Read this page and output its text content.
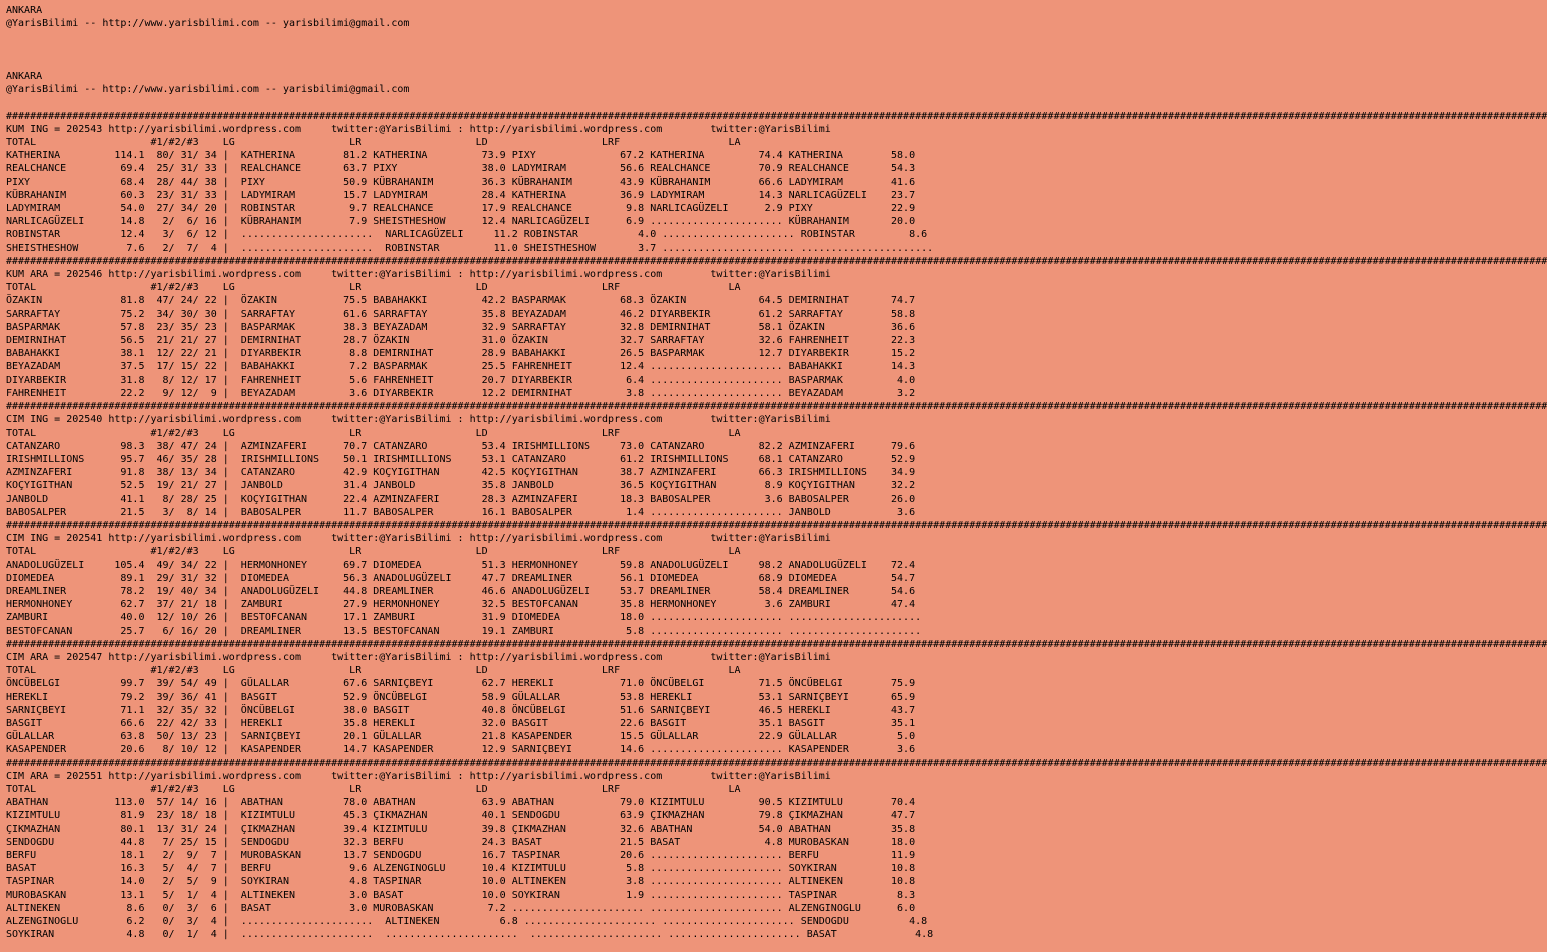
ANKARA
@YarisBilimi -- http://www.yarisbilimi.com -- yarisbilimi@gmail.com

ANKARA
@YarisBilimi -- http://www.yarisbilimi.com -- yarisbilimi@gmail.com

################################################################################################################################################################################################################################################################
KUM ING = 202543 http://yarisbilimi.wordpress.com     twitter:@YarisBilimi : http://yarisbilimi.wordpress.com        twitter:@YarisBilimi
TOTAL                   #1/#2/#3    LG                   LR                   LD                   LRF                  LA
KATHERINA         114.1  80/ 31/ 34 |  KATHERINA        81.2 KATHERINA         73.9 PIXY              67.2 KATHERINA         74.4 KATHERINA        58.0
REALCHANCE         69.4  25/ 31/ 33 |  REALCHANCE       63.7 PIXY              38.0 LADYMIRAM         56.6 REALCHANCE        70.9 REALCHANCE       54.3
PIXY               68.4  28/ 44/ 38 |  PIXY             50.9 KÜBRAHANIM        36.3 KÜBRAHANIM        43.9 KÜBRAHANIM        66.6 LADYMIRAM        41.6
KÜBRAHANIM         60.3  23/ 31/ 33 |  LADYMIRAM        15.7 LADYMIRAM         28.4 KATHERINA         36.9 LADYMIRAM         14.3 NARLICAGÜZELI    23.7
LADYMIRAM          54.0  27/ 34/ 20 |  ROBINSTAR         9.7 REALCHANCE        17.9 REALCHANCE         9.8 NARLICAGÜZELI      2.9 PIXY             22.9
NARLICAGÜZELI      14.8   2/  6/ 16 |  KÜBRAHANIM        7.9 SHEISTHESHOW      12.4 NARLICAGÜZELI      6.9 ...................... KÜBRAHANIM       20.0
ROBINSTAR          12.4   3/  6/ 12 |  ......................  NARLICAGÜZELI     11.2 ROBINSTAR          4.0 ...................... ROBINSTAR         8.6
SHEISTHESHOW        7.6   2/  7/  4 |  ......................  ROBINSTAR         11.0 SHEISTHESHOW       3.7 ...................... ......................
################################################################################################################################################################################################################################################################
KUM ARA = 202546 http://yarisbilimi.wordpress.com     twitter:@YarisBilimi : http://yarisbilimi.wordpress.com        twitter:@YarisBilimi
TOTAL                   #1/#2/#3    LG                   LR                   LD                   LRF                  LA
ÖZAKIN             81.8  47/ 24/ 22 |  ÖZAKIN           75.5 BABAHAKKI         42.2 BASPARMAK         68.3 ÖZAKIN            64.5 DEMIRNIHAT       74.7
SARRAFTAY          75.2  34/ 30/ 30 |  SARRAFTAY        61.6 SARRAFTAY         35.8 BEYAZADAM         46.2 DIYARBEKIR        61.2 SARRAFTAY        58.8
BASPARMAK          57.8  23/ 35/ 23 |  BASPARMAK        38.3 BEYAZADAM         32.9 SARRAFTAY         32.8 DEMIRNIHAT        58.1 ÖZAKIN           36.6
DEMIRNIHAT         56.5  21/ 21/ 27 |  DEMIRNIHAT       28.7 ÖZAKIN            31.0 ÖZAKIN            32.7 SARRAFTAY         32.6 FAHRENHEIT       22.3
BABAHAKKI          38.1  12/ 22/ 21 |  DIYARBEKIR        8.8 DEMIRNIHAT        28.9 BABAHAKKI         26.5 BASPARMAK         12.7 DIYARBEKIR       15.2
BEYAZADAM          37.5  17/ 15/ 22 |  BABAHAKKI         7.2 BASPARMAK         25.5 FAHRENHEIT        12.4 ...................... BABAHAKKI        14.3
DIYARBEKIR         31.8   8/ 12/ 17 |  FAHRENHEIT        5.6 FAHRENHEIT        20.7 DIYARBEKIR         6.4 ...................... BASPARMAK         4.0
FAHRENHEIT         22.2   9/ 12/  9 |  BEYAZADAM         3.6 DIYARBEKIR        12.2 DEMIRNIHAT         3.8 ...................... BEYAZADAM         3.2
################################################################################################################################################################################################################################################################
CIM ING = 202540 http://yarisbilimi.wordpress.com     twitter:@YarisBilimi : http://yarisbilimi.wordpress.com        twitter:@YarisBilimi
TOTAL                   #1/#2/#3    LG                   LR                   LD                   LRF                  LA
CATANZARO          98.3  38/ 47/ 24 |  AZMINZAFERI      70.7 CATANZARO         53.4 IRISHMILLIONS     73.0 CATANZARO         82.2 AZMINZAFERI      79.6
IRISHMILLIONS      95.7  46/ 35/ 28 |  IRISHMILLIONS    50.1 IRISHMILLIONS     53.1 CATANZARO         61.2 IRISHMILLIONS     68.1 CATANZARO        52.9
AZMINZAFERI        91.8  38/ 13/ 34 |  CATANZARO        42.9 KOÇYIGITHAN       42.5 KOÇYIGITHAN       38.7 AZMINZAFERI       66.3 IRISHMILLIONS    34.9
KOÇYIGITHAN        52.5  19/ 21/ 27 |  JANBOLD          31.4 JANBOLD           35.8 JANBOLD           36.5 KOÇYIGITHAN        8.9 KOÇYIGITHAN      32.2
JANBOLD            41.1   8/ 28/ 25 |  KOÇYIGITHAN      22.4 AZMINZAFERI       28.3 AZMINZAFERI       18.3 BABOSALPER         3.6 BABOSALPER       26.0
BABOSALPER         21.5   3/  8/ 14 |  BABOSALPER       11.7 BABOSALPER        16.1 BABOSALPER         1.4 ...................... JANBOLD           3.6
################################################################################################################################################################################################################################################################
CIM ING = 202541 http://yarisbilimi.wordpress.com     twitter:@YarisBilimi : http://yarisbilimi.wordpress.com        twitter:@YarisBilimi
TOTAL                   #1/#2/#3    LG                   LR                   LD                   LRF                  LA
ANADOLUGÜZELI     105.4  49/ 34/ 22 |  HERMONHONEY      69.7 DIOMEDEA          51.3 HERMONHONEY       59.8 ANADOLUGÜZELI     98.2 ANADOLUGÜZELI    72.4
DIOMEDEA           89.1  29/ 31/ 32 |  DIOMEDEA         56.3 ANADOLUGÜZELI     47.7 DREAMLINER        56.1 DIOMEDEA          68.9 DIOMEDEA         54.7
DREAMLINER         78.2  19/ 40/ 34 |  ANADOLUGÜZELI    44.8 DREAMLINER        46.6 ANADOLUGÜZELI     53.7 DREAMLINER        58.4 DREAMLINER       54.6
HERMONHONEY        62.7  37/ 21/ 18 |  ZAMBURI          27.9 HERMONHONEY       32.5 BESTOFCANAN       35.8 HERMONHONEY        3.6 ZAMBURI          47.4
ZAMBURI            40.0  12/ 10/ 26 |  BESTOFCANAN      17.1 ZAMBURI           31.9 DIOMEDEA          18.0 ...................... ......................
BESTOFCANAN        25.7   6/ 16/ 20 |  DREAMLINER       13.5 BESTOFCANAN       19.1 ZAMBURI            5.8 ...................... ......................
################################################################################################################################################################################################################################################################
CIM ARA = 202547 http://yarisbilimi.wordpress.com     twitter:@YarisBilimi : http://yarisbilimi.wordpress.com        twitter:@YarisBilimi
TOTAL                   #1/#2/#3    LG                   LR                   LD                   LRF                  LA
ÖNCÜBELGI          99.7  39/ 54/ 49 |  GÜLALLAR         67.6 SARNIÇBEYI        62.7 HEREKLI           71.0 ÖNCÜBELGI         71.5 ÖNCÜBELGI        75.9
HEREKLI            79.2  39/ 36/ 41 |  BASGIT           52.9 ÖNCÜBELGI         58.9 GÜLALLAR          53.8 HEREKLI           53.1 SARNIÇBEYI       65.9
SARNIÇBEYI         71.1  32/ 35/ 32 |  ÖNCÜBELGI        38.0 BASGIT            40.8 ÖNCÜBELGI         51.6 SARNIÇBEYI        46.5 HEREKLI          43.7
BASGIT             66.6  22/ 42/ 33 |  HEREKLI          35.8 HEREKLI           32.0 BASGIT            22.6 BASGIT            35.1 BASGIT           35.1
GÜLALLAR           63.8  50/ 13/ 23 |  SARNIÇBEYI       20.1 GÜLALLAR          21.8 KASAPENDER        15.5 GÜLALLAR          22.9 GÜLALLAR          5.0
KASAPENDER         20.6   8/ 10/ 12 |  KASAPENDER       14.7 KASAPENDER        12.9 SARNIÇBEYI        14.6 ...................... KASAPENDER        3.6
################################################################################################################################################################################################################################################################
CIM ARA = 202551 http://yarisbilimi.wordpress.com     twitter:@YarisBilimi : http://yarisbilimi.wordpress.com        twitter:@YarisBilimi
TOTAL                   #1/#2/#3    LG                   LR                   LD                   LRF                  LA
ABATHAN           113.0  57/ 14/ 16 |  ABATHAN          78.0 ABATHAN           63.9 ABATHAN           79.0 KIZIMTULU         90.5 KIZIMTULU        70.4
KIZIMTULU          81.9  23/ 18/ 18 |  KIZIMTULU        45.3 ÇIKMAZHAN         40.1 SENDOGDU          63.9 ÇIKMAZHAN         79.8 ÇIKMAZHAN        47.7
ÇIKMAZHAN          80.1  13/ 31/ 24 |  ÇIKMAZHAN        39.4 KIZIMTULU         39.8 ÇIKMAZHAN         32.6 ABATHAN           54.0 ABATHAN          35.8
SENDOGDU           44.8   7/ 25/ 15 |  SENDOGDU         32.3 BERFU             24.3 BASAT             21.5 BASAT              4.8 MUROBASKAN       18.0
BERFU              18.1   2/  9/  7 |  MUROBASKAN       13.7 SENDOGDU          16.7 TASPINAR          20.6 ...................... BERFU            11.9
BASAT              16.3   5/  4/  7 |  BERFU             9.6 ALZENGINOGLU      10.4 KIZIMTULU          5.8 ...................... SOYKIRAN         10.8
TASPINAR           14.0   2/  5/  9 |  SOYKIRAN          4.8 TASPINAR          10.0 ALTINEKEN          3.8 ...................... ALTINEKEN        10.8
MUROBASKAN         13.1   5/  1/  4 |  ALTINEKEN         3.0 BASAT             10.0 SOYKIRAN           1.9 ...................... TASPINAR          8.3
ALTINEKEN           8.6   0/  3/  6 |  BASAT             3.0 MUROBASKAN         7.2 ...................... ...................... ALZENGINOGLU      6.0
ALZENGINOGLU        6.2   0/  3/  4 |  ......................  ALTINEKEN          6.8 ...................... ...................... SENDOGDU          4.8
SOYKIRAN            4.8   0/  1/  4 |  ......................  ......................  ...................... ...................... BASAT             4.8
